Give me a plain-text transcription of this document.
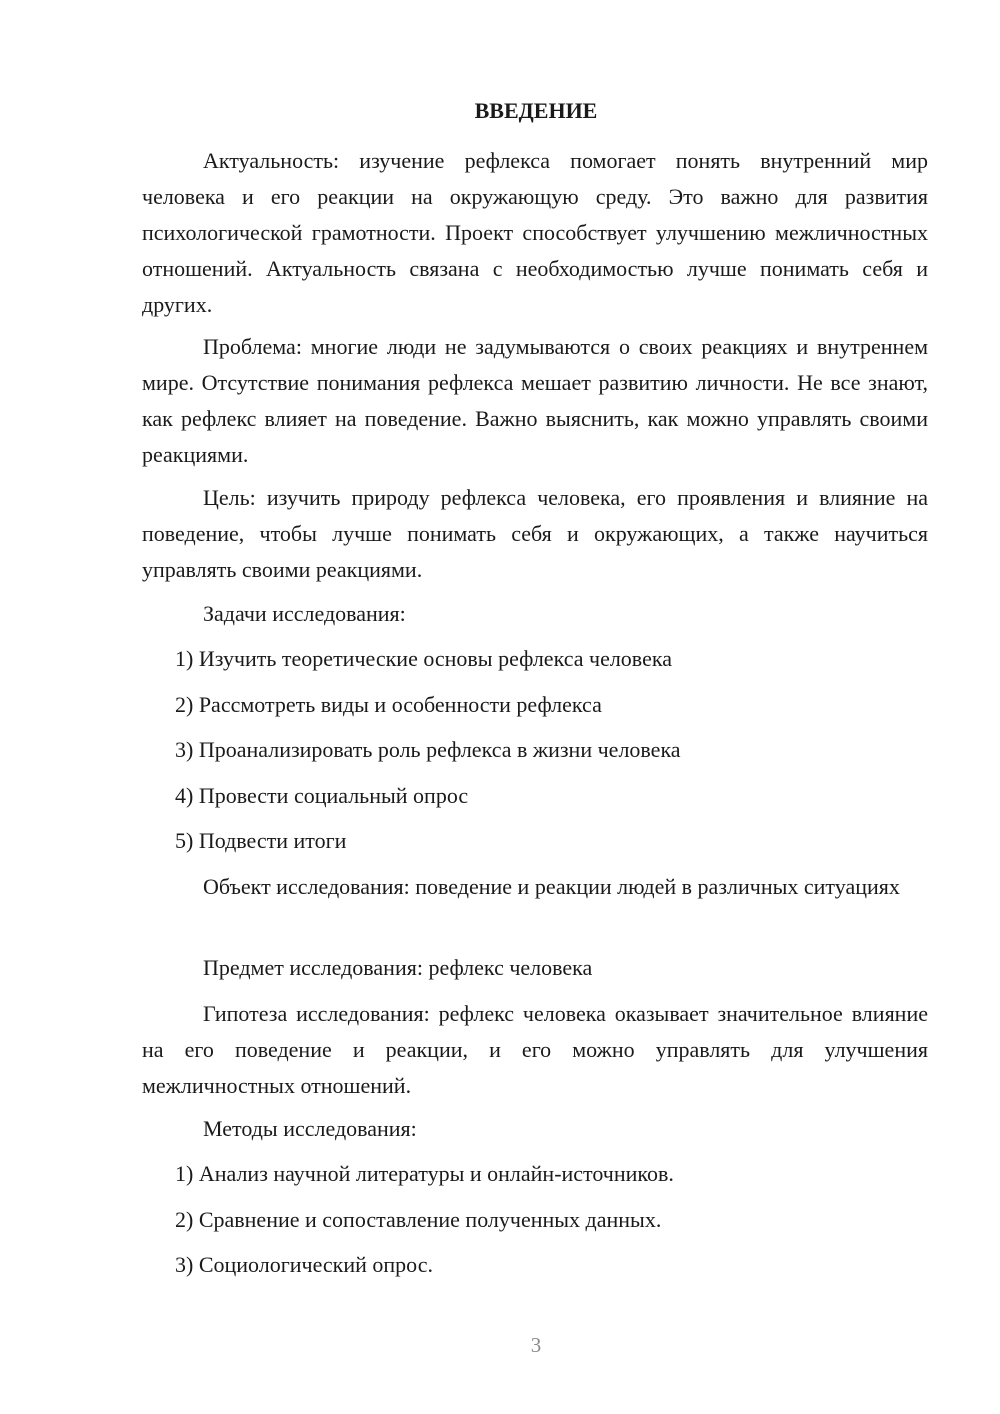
ВВЕДЕНИЕ

Актуальность: изучение рефлекса помогает понять внутренний мир человека и его реакции на окружающую среду. Это важно для развития психологической грамотности. Проект способствует улучшению межличностных отношений. Актуальность связана с необходимостью лучше понимать себя и других.

Проблема: многие люди не задумываются о своих реакциях и внутреннем мире. Отсутствие понимания рефлекса мешает развитию личности. Не все знают, как рефлекс влияет на поведение. Важно выяснить, как можно управлять своими реакциями.

Цель: изучить природу рефлекса человека, его проявления и влияние на поведение, чтобы лучше понимать себя и окружающих, а также научиться управлять своими реакциями.

Задачи исследования:

1) Изучить теоретические основы рефлекса человека
2) Рассмотреть виды и особенности рефлекса
3) Проанализировать роль рефлекса в жизни человека
4) Провести социальный опрос
5) Подвести итоги

Объект исследования: поведение и реакции людей в различных ситуациях

Предмет исследования: рефлекс человека

Гипотеза исследования: рефлекс человека оказывает значительное влияние на его поведение и реакции, и его можно управлять для улучшения межличностных отношений.

Методы исследования:

1) Анализ научной литературы и онлайн-источников.
2) Сравнение и сопоставление полученных данных.
3) Социологический опрос.
3
